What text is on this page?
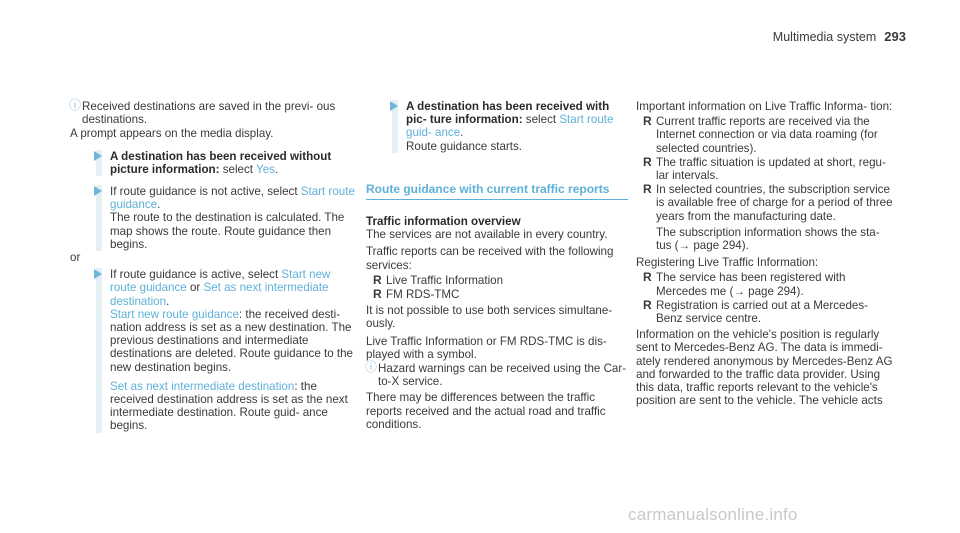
Multimedia system 293

ⓘ Received destinations are saved in the previ- ous destinations.

A prompt appears on the media display.

A destination has been received without picture information: select Yes.
If route guidance is not active, select Start route guidance.
The route to the destination is calculated. The map shows the route. Route guidance then begins.

or

If route guidance is active, select Start new route guidance or Set as next intermediate destination.
Start new route guidance: the received desti- nation address is set as a new destination. The previous destinations and intermediate destinations are deleted. Route guidance to the new destination begins.
Set as next intermediate destination: the received destination address is set as the next intermediate destination. Route guid- ance begins.
A destination has been received with pic- ture information: select Start route guid- ance.
Route guidance starts.
Route guidance with current traffic reports
Traffic information overview

The services are not available in every country.

Traffic reports can be received with the following services:

R Live Traffic Information
R FM RDS-TMC

It is not possible to use both services simultane- ously.

Live Traffic Information or FM RDS-TMC is dis- played with a symbol.

ⓘ Hazard warnings can be received using the Car-to-X service.

There may be differences between the traffic reports received and the actual road and traffic conditions.

Important information on Live Traffic Informa- tion:

R Current traffic reports are received via the Internet connection or via data roaming (for selected countries).
R The traffic situation is updated at short, regu- lar intervals.
R In selected countries, the subscription service is available free of charge for a period of three years from the manufacturing date.

The subscription information shows the sta- tus (→ page 294).

Registering Live Traffic Information:

R The service has been registered with Mercedes me (→ page 294).
R Registration is carried out at a Mercedes- Benz service centre.

Information on the vehicle's position is regularly sent to Mercedes-Benz AG. The data is immedi- ately rendered anonymous by Mercedes-Benz AG and forwarded to the traffic data provider. Using this data, traffic reports relevant to the vehicle's position are sent to the vehicle. The vehicle acts

carmanualsonline.info
